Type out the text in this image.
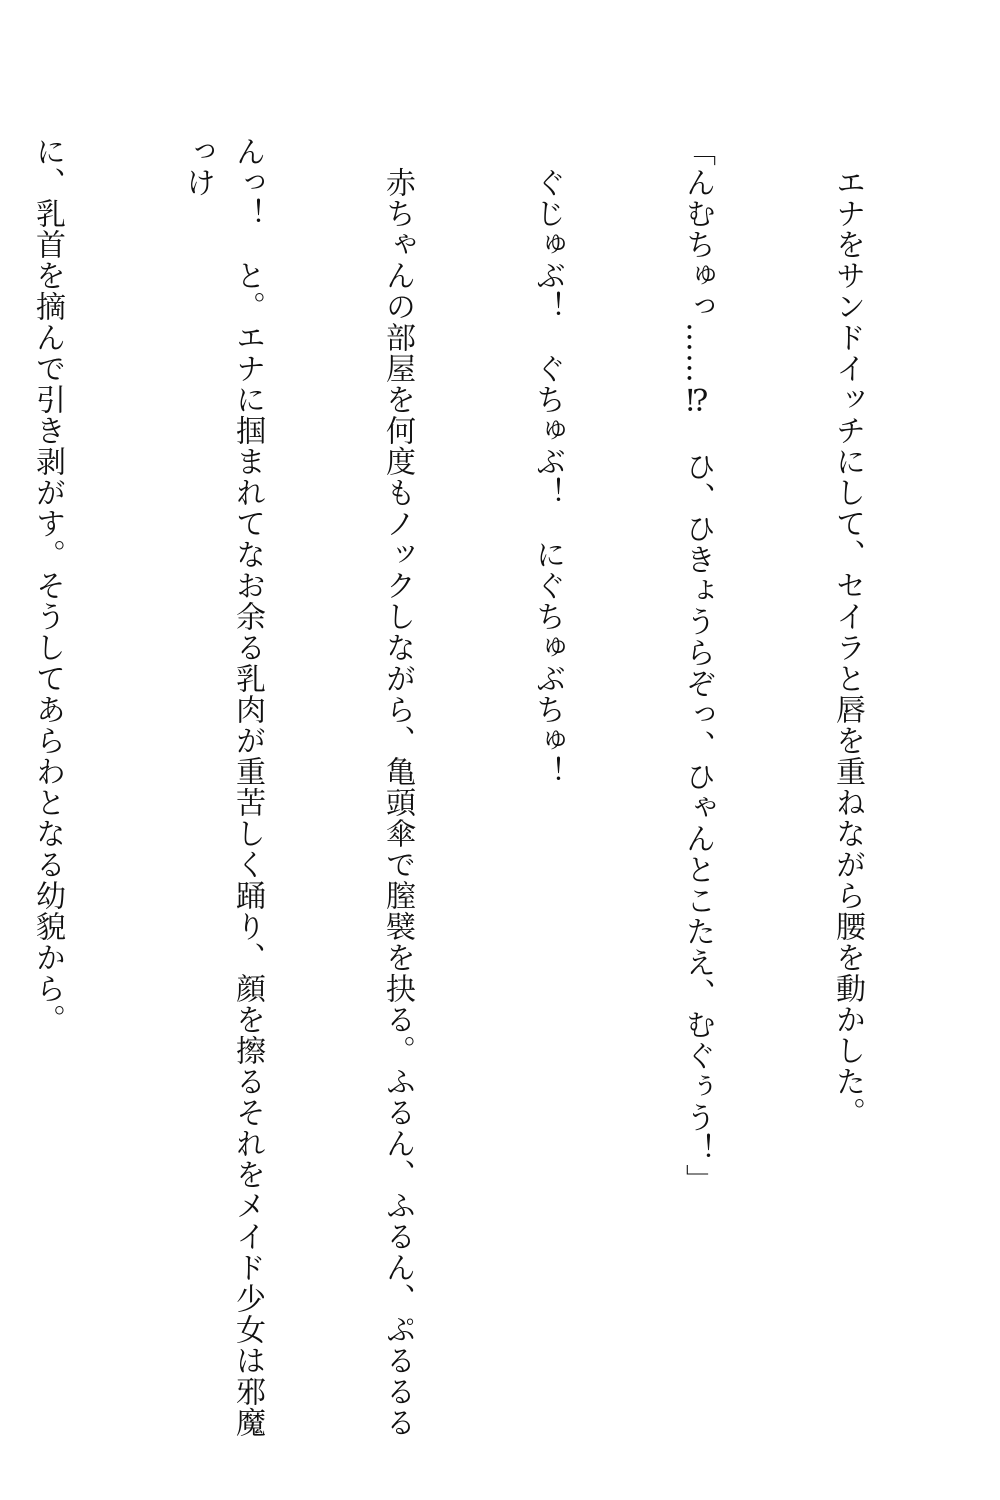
　エナをサンドイッチにして、セイラと唇を重ねながら腰を動かした。

「んむちゅっ……⁉　ひ、ひきょうらぞっ、ひゃんとこたえ、むぐぅう！」

　ぐじゅぶ！　ぐちゅぶ！　にぐちゅぶちゅ！

　赤ちゃんの部屋を何度もノックしながら、亀頭傘で膣襞を抉る。ふるん、ふるん、ぷるるる

んっ！　と。エナに掴まれてなお余る乳肉が重苦しく踊り、顔を擦るそれをメイド少女は邪魔っけ

に、乳首を摘んで引き剥がす。そうしてあらわとなる幼貌から。
